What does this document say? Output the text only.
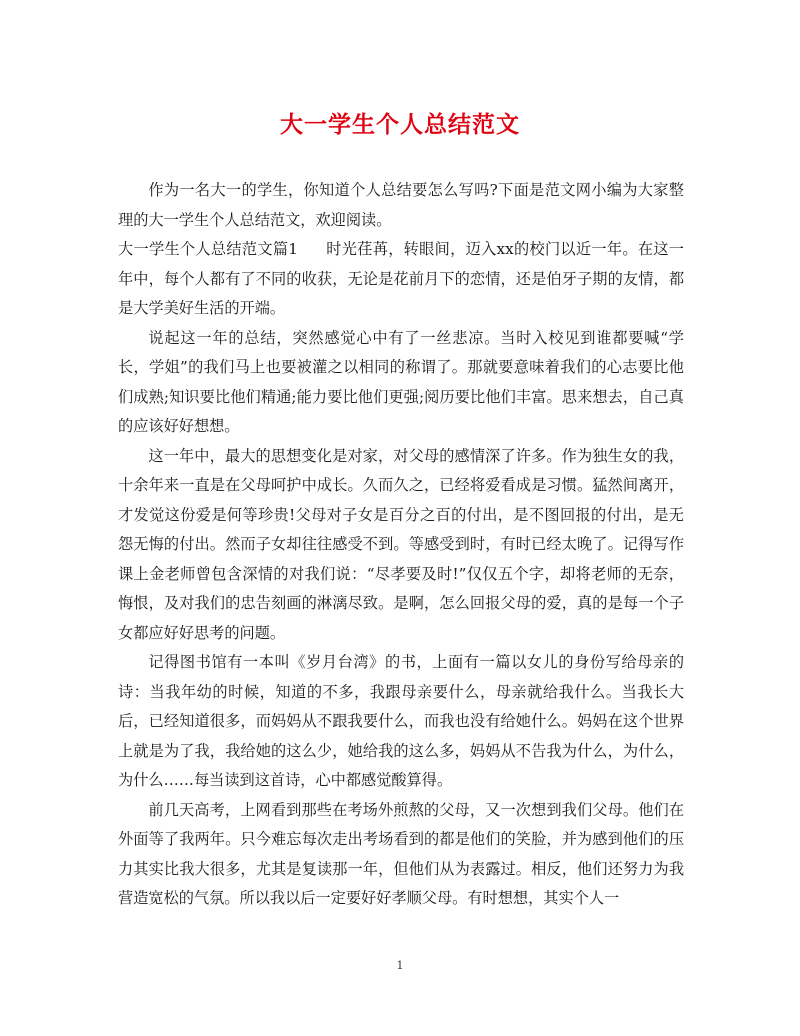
大一学生个人总结范文

作为一名大一的学生，你知道个人总结要怎么写吗?下面是范文网小编为大家整理的大一学生个人总结范文，欢迎阅读。

大一学生个人总结范文篇1 时光荏苒，转眼间，迈入xx的校门以近一年。在这一年中，每个人都有了不同的收获，无论是花前月下的恋情，还是伯牙子期的友情，都是大学美好生活的开端。

说起这一年的总结，突然感觉心中有了一丝悲凉。当时入校见到谁都要喊“学长，学姐”的我们马上也要被灌之以相同的称谓了。那就要意味着我们的心志要比他们成熟;知识要比他们精通;能力要比他们更强;阅历要比他们丰富。思来想去，自己真的应该好好想想。

这一年中，最大的思想变化是对家，对父母的感情深了许多。作为独生女的我，十余年来一直是在父母呵护中成长。久而久之，已经将爱看成是习惯。猛然间离开，才发觉这份爱是何等珍贵!父母对子女是百分之百的付出，是不图回报的付出，是无怨无悔的付出。然而子女却往往感受不到。等感受到时，有时已经太晚了。记得写作课上金老师曾包含深情的对我们说：“尽孝要及时!”仅仅五个字，却将老师的无奈，悔恨，及对我们的忠告刻画的淋漓尽致。是啊，怎么回报父母的爱，真的是每一个子女都应好好思考的问题。

记得图书馆有一本叫《岁月台湾》的书，上面有一篇以女儿的身份写给母亲的诗：当我年幼的时候，知道的不多，我跟母亲要什么，母亲就给我什么。当我长大后，已经知道很多，而妈妈从不跟我要什么，而我也没有给她什么。妈妈在这个世界上就是为了我，我给她的这么少，她给我的这么多，妈妈从不告我为什么，为什么，为什么……每当读到这首诗，心中都感觉酸算得。

前几天高考，上网看到那些在考场外煎熬的父母，又一次想到我们父母。他们在外面等了我两年。只今难忘每次走出考场看到的都是他们的笑脸，并为感到他们的压力其实比我大很多，尤其是复读那一年，但他们从为表露过。相反，他们还努力为我营造宽松的气氛。所以我以后一定要好好孝顺父母。有时想想，其实个人一

1
